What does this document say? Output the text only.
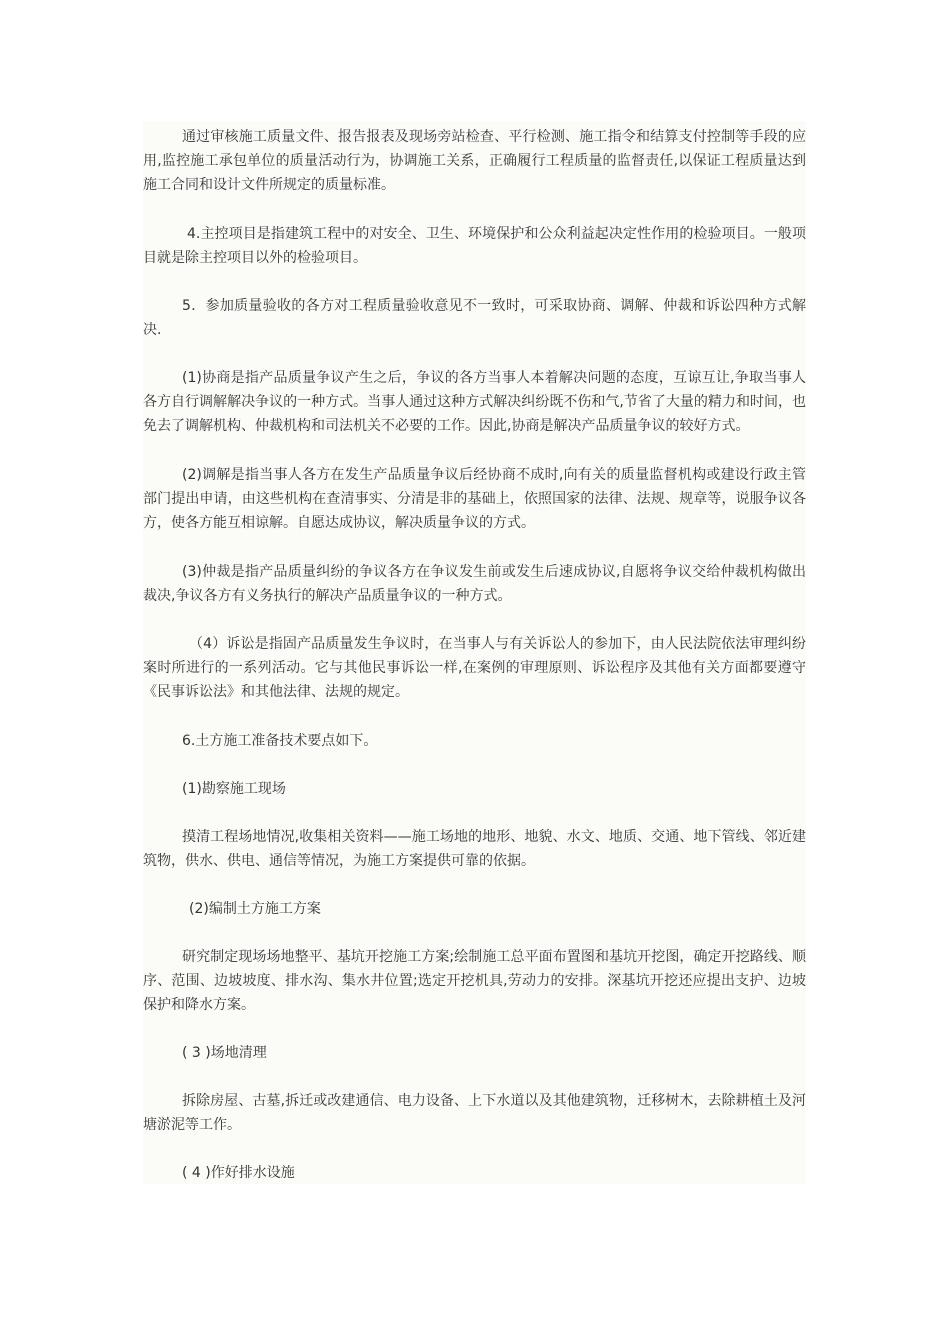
通过审核施工质量文件、报告报表及现场旁站检查、平行检测、施工指令和结算支付控制等手段的应用,监控施工承包单位的质量活动行为，协调施工关系，正确履行工程质量的监督责任,以保证工程质量达到施工合同和设计文件所规定的质量标准。

4.主控项目是指建筑工程中的对安全、卫生、环境保护和公众利益起决定性作用的检验项目。一般项目就是除主控项目以外的检验项目。

5．参加质量验收的各方对工程质量验收意见不一致时，可采取协商、调解、仲裁和诉讼四种方式解决.

(1)协商是指产品质量争议产生之后，争议的各方当事人本着解决问题的态度，互谅互让,争取当事人各方自行调解解决争议的一种方式。当事人通过这种方式解决纠纷既不伤和气,节省了大量的精力和时间，也免去了调解机构、仲裁机构和司法机关不必要的工作。因此,协商是解决产品质量争议的较好方式。

(2)调解是指当事人各方在发生产品质量争议后经协商不成时,向有关的质量监督机构或建设行政主管部门提出申请，由这些机构在查清事实、分清是非的基础上，依照国家的法律、法规、规章等，说服争议各方，使各方能互相谅解。自愿达成协议，解决质量争议的方式。

(3)仲裁是指产品质量纠纷的争议各方在争议发生前或发生后速成协议,自愿将争议交给仲裁机构做出裁决,争议各方有义务执行的解决产品质量争议的一种方式。

（4）诉讼是指固产品质量发生争议时，在当事人与有关诉讼人的参加下，由人民法院依法审理纠纷案时所进行的一系列活动。它与其他民事诉讼一样,在案例的审理原则、诉讼程序及其他有关方面都要遵守《民事诉讼法》和其他法律、法规的规定。

6.土方施工准备技术要点如下。

(1)勘察施工现场

摸清工程场地情况,收集相关资料——施工场地的地形、地貌、水文、地质、交通、地下管线、邻近建筑物，供水、供电、通信等情况，为施工方案提供可靠的依据。

(2)编制土方施工方案

研究制定现场场地整平、基坑开挖施工方案;绘制施工总平面布置图和基坑开挖图，确定开挖路线、顺序、范围、边坡坡度、排水沟、集水井位置;选定开挖机具,劳动力的安排。深基坑开挖还应提出支护、边坡保护和降水方案。

( 3 )场地清理

拆除房屋、古墓,拆迁或改建通信、电力设备、上下水道以及其他建筑物，迁移树木，去除耕植土及河塘淤泥等工作。

( 4 )作好排水设施
